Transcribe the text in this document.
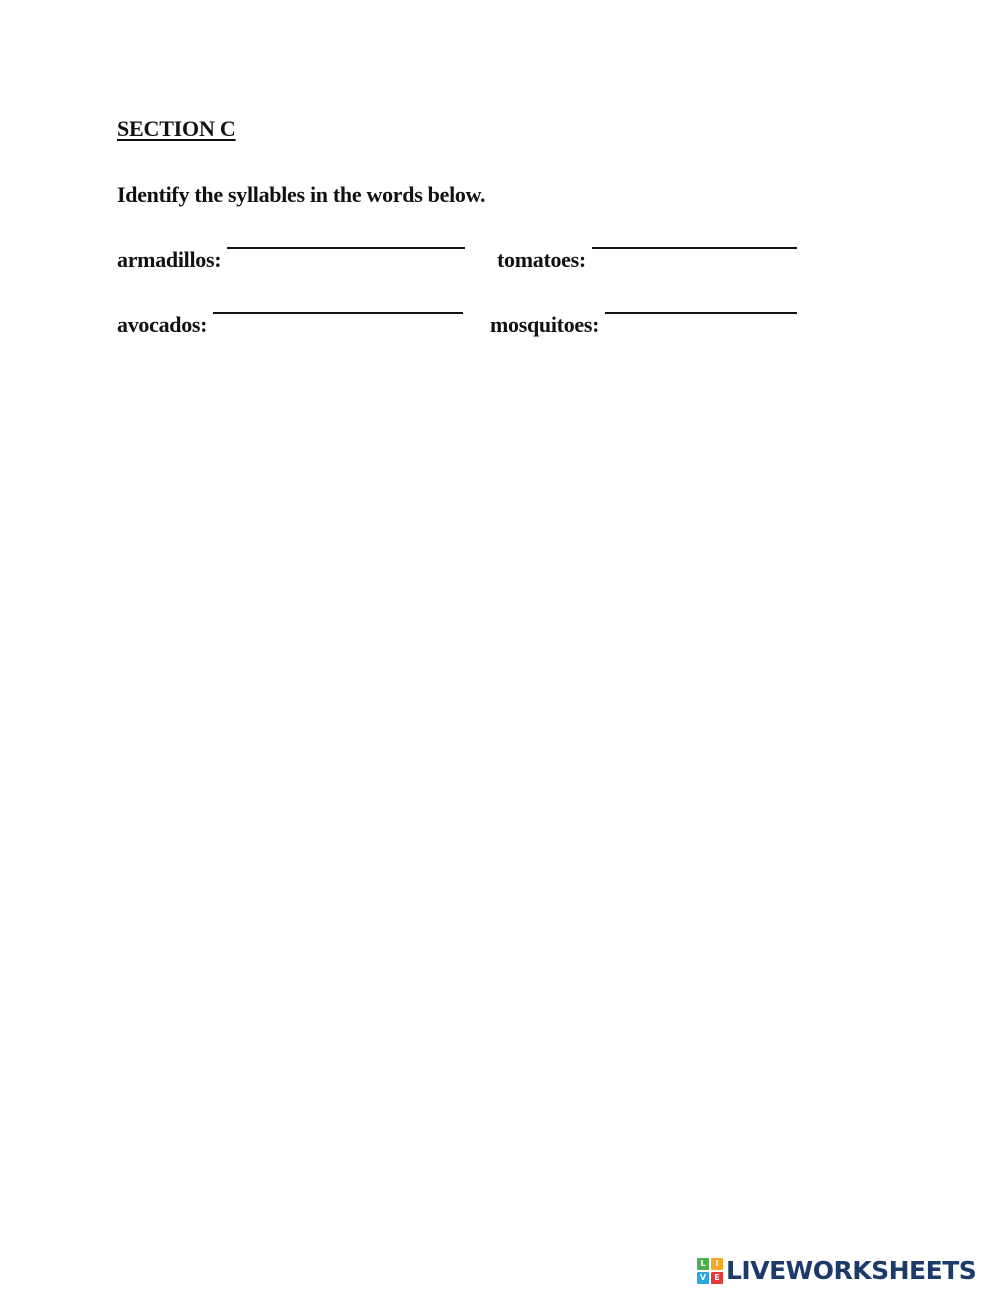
SECTION C

Identify the syllables in the words below.

armadillos:	tomatoes:
avocados:	mosquitoes:
L	I
V	E LIVEWORKSHEETS
